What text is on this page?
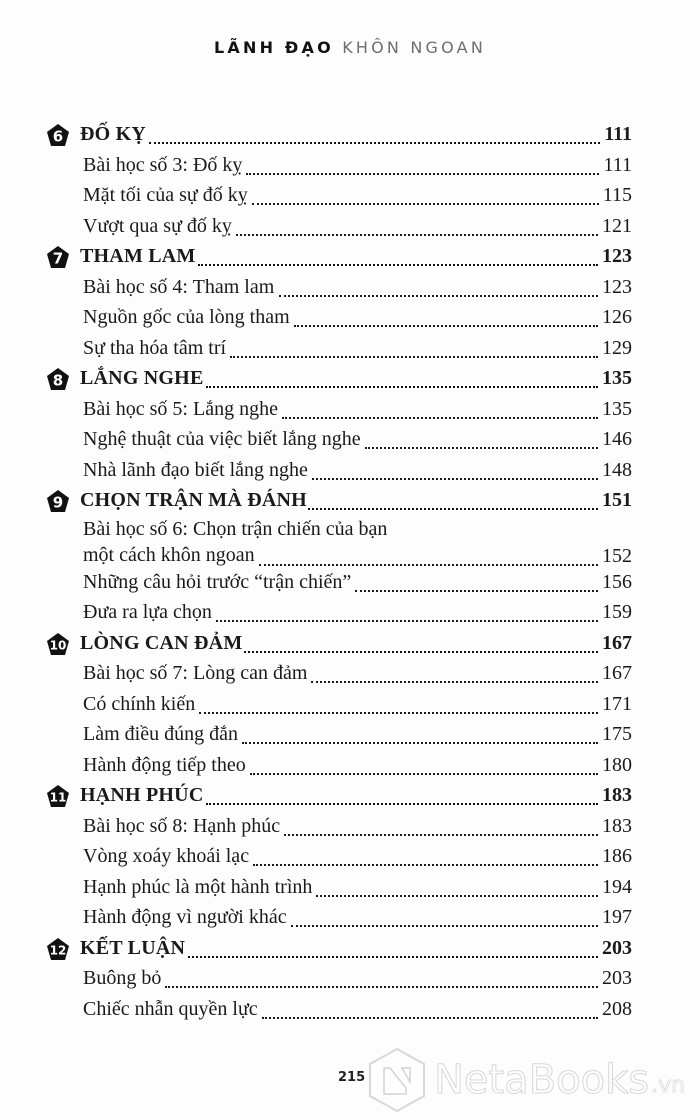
LÃNH ĐẠO KHÔN NGOAN
6 ĐỐ KỴ	111
Bài học số 3: Đố kỵ	111
Mặt tối của sự đố kỵ	115
Vượt qua sự đố kỵ	121
7 THAM LAM	123
Bài học số 4: Tham lam	123
Nguồn gốc của lòng tham	126
Sự tha hóa tâm trí	129
8 LẮNG NGHE	135
Bài học số 5: Lắng nghe	135
Nghệ thuật của việc biết lắng nghe	146
Nhà lãnh đạo biết lắng nghe	148
9 CHỌN TRẬN MÀ ĐÁNH	151
Bài học số 6: Chọn trận chiến của bạn
một cách khôn ngoan	152
Những câu hỏi trước “trận chiến”	156
Đưa ra lựa chọn	159
10 LÒNG CAN ĐẢM	167
Bài học số 7: Lòng can đảm	167
Có chính kiến	171
Làm điều đúng đắn	175
Hành động tiếp theo	180
11 HẠNH PHÚC	183
Bài học số 8: Hạnh phúc	183
Vòng xoáy khoái lạc	186
Hạnh phúc là một hành trình	194
Hành động vì người khác	197
12 KẾT LUẬN	203
Buông bỏ	203
Chiếc nhẫn quyền lực	208
215 NetaBooks .vn
